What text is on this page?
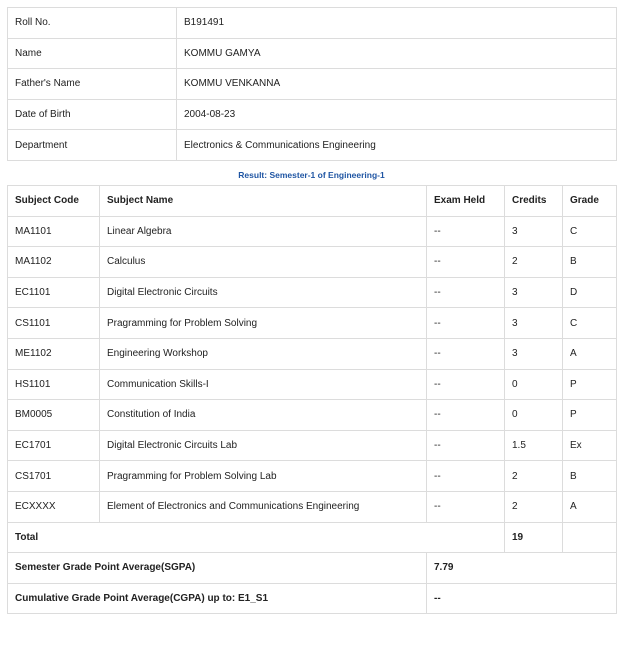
Roll No.	B191491
Name	KOMMU GAMYA
Father's Name	KOMMU VENKANNA
Date of Birth	2004-08-23
Department	Electronics & Communications Engineering
Result: Semester-1 of Engineering-1
Subject Code	Subject Name	Exam Held	Credits	Grade
MA1101	Linear Algebra	--	3	C
MA1102	Calculus	--	2	B
EC1101	Digital Electronic Circuits	--	3	D
CS1101	Pragramming for Problem Solving	--	3	C
ME1102	Engineering Workshop	--	3	A
HS1101	Communication Skills-I	--	0	P
BM0005	Constitution of India	--	0	P
EC1701	Digital Electronic Circuits Lab	--	1.5	Ex
CS1701	Pragramming for Problem Solving Lab	--	2	B
ECXXXX	Element of Electronics and Communications Engineering	--	2	A
Total			19	
Semester Grade Point Average(SGPA)		7.79		
Cumulative Grade Point Average(CGPA) up to: E1_S1		--		
